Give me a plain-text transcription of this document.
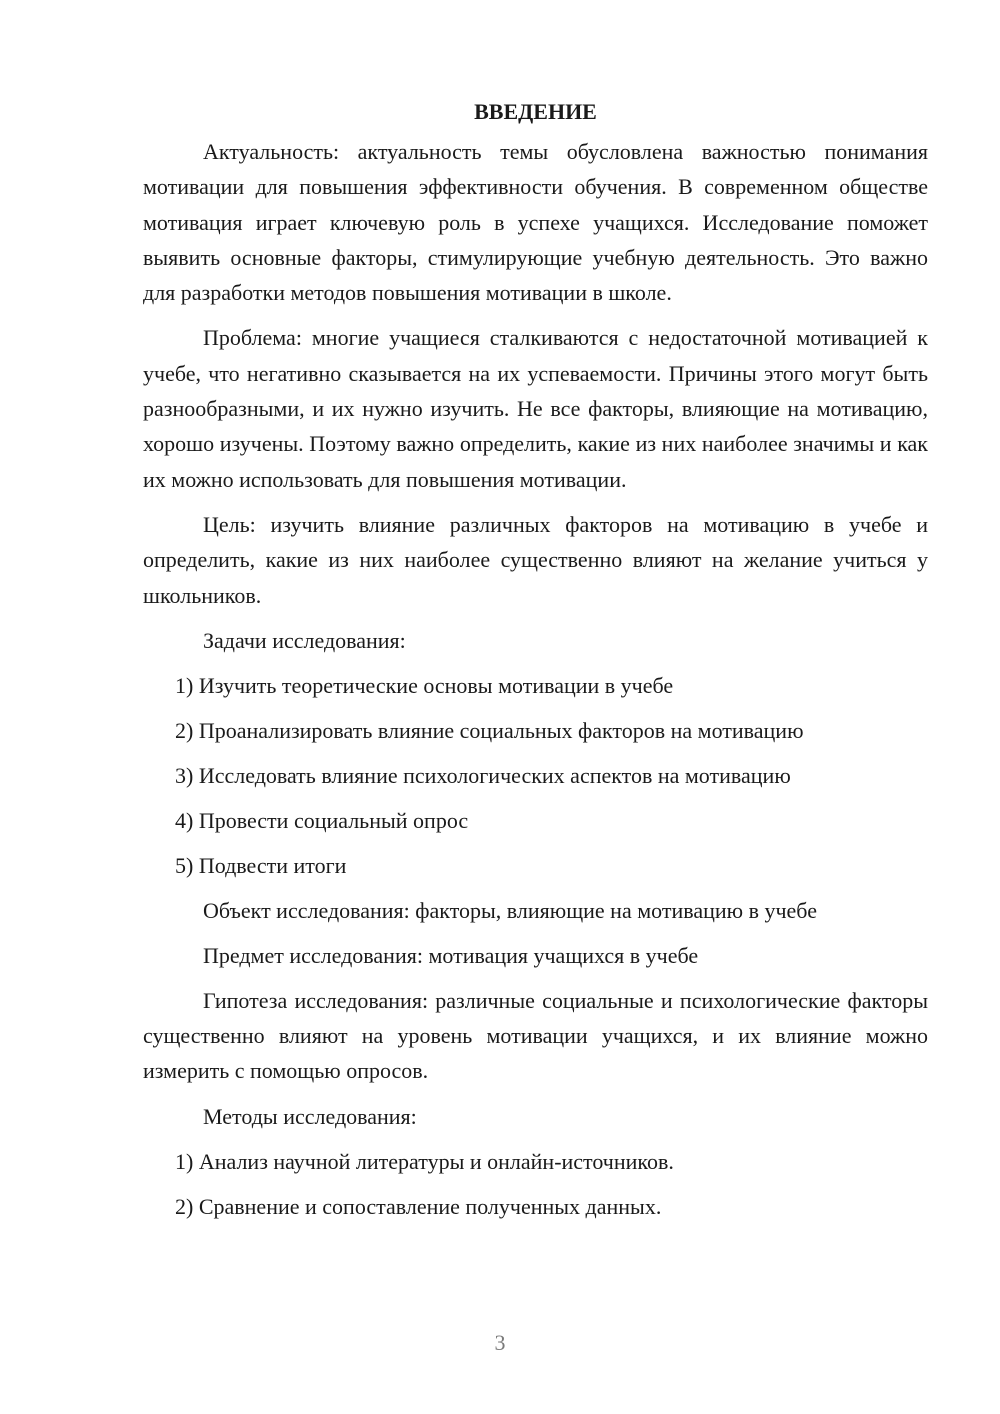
ВВЕДЕНИЕ

Актуальность: актуальность темы обусловлена важностью понимания мотивации для повышения эффективности обучения. В современном обществе мотивация играет ключевую роль в успехе учащихся. Исследование поможет выявить основные факторы, стимулирующие учебную деятельность. Это важно для разработки методов повышения мотивации в школе.

Проблема: многие учащиеся сталкиваются с недостаточной мотивацией к учебе, что негативно сказывается на их успеваемости. Причины этого могут быть разнообразными, и их нужно изучить. Не все факторы, влияющие на мотивацию, хорошо изучены. Поэтому важно определить, какие из них наиболее значимы и как их можно использовать для повышения мотивации.

Цель: изучить влияние различных факторов на мотивацию в учебе и определить, какие из них наиболее существенно влияют на желание учиться у школьников.

Задачи исследования:
1) Изучить теоретические основы мотивации в учебе
2) Проанализировать влияние социальных факторов на мотивацию
3) Исследовать влияние психологических аспектов на мотивацию
4) Провести социальный опрос
5) Подвести итоги
Объект исследования: факторы, влияющие на мотивацию в учебе
Предмет исследования: мотивация учащихся в учебе

Гипотеза исследования: различные социальные и психологические факторы существенно влияют на уровень мотивации учащихся, и их влияние можно измерить с помощью опросов.

Методы исследования:
1) Анализ научной литературы и онлайн-источников.
2) Сравнение и сопоставление полученных данных.
3
